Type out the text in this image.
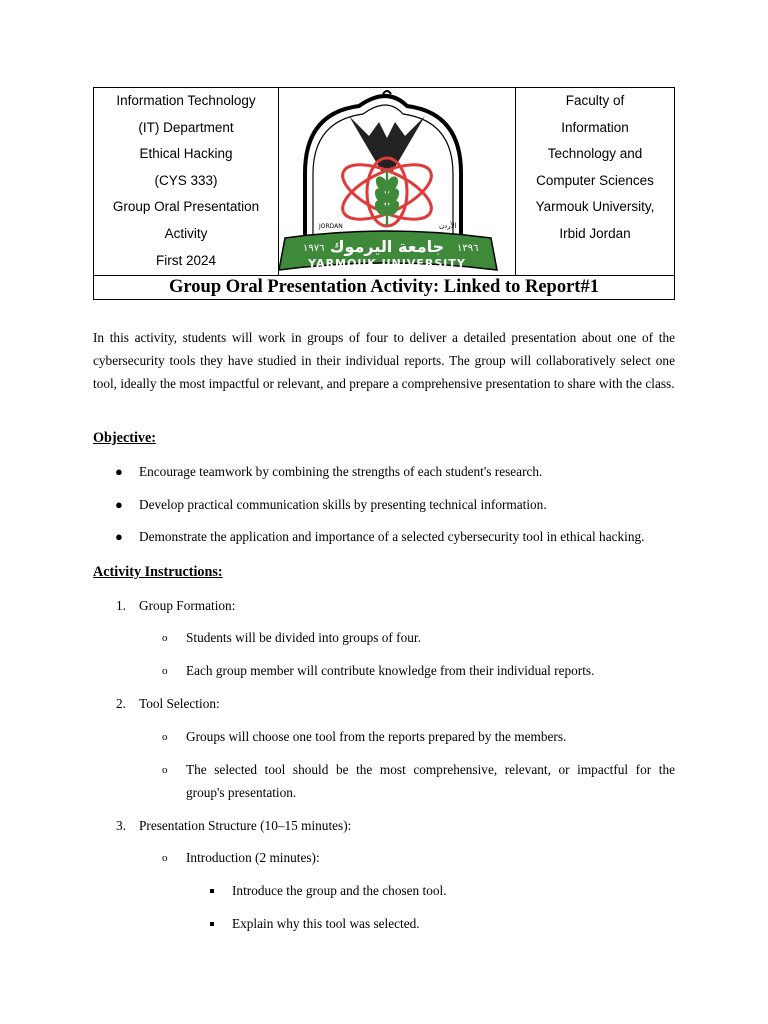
Information Technology
(IT) Department
Ethical Hacking
(CYS 333)
Group Oral Presentation
Activity
First 2024
JORDAN	الأردن
جامعة اليرموك
١٩٧٦	١٣٩٦
YARMOUK UNIVERSITY
Faculty of
Information
Technology and
Computer Sciences
Yarmouk University,
Irbid Jordan
Group Oral Presentation Activity: Linked to Report#1
In this activity, students will work in groups of four to deliver a detailed presentation about one of the cybersecurity tools they have studied in their individual reports. The group will collaboratively select one tool, ideally the most impactful or relevant, and prepare a comprehensive presentation to share with the class.
Objective:
● Encourage teamwork by combining the strengths of each student's research.
● Develop practical communication skills by presenting technical information.
● Demonstrate the application and importance of a selected cybersecurity tool in ethical hacking.
Activity Instructions:
1. Group Formation:
o Students will be divided into groups of four.
o Each group member will contribute knowledge from their individual reports.
2. Tool Selection:
o Groups will choose one tool from the reports prepared by the members.
o The selected tool should be the most comprehensive, relevant, or impactful for the
group's presentation.
3. Presentation Structure (10–15 minutes):
o Introduction (2 minutes):
Introduce the group and the chosen tool.
Explain why this tool was selected.
